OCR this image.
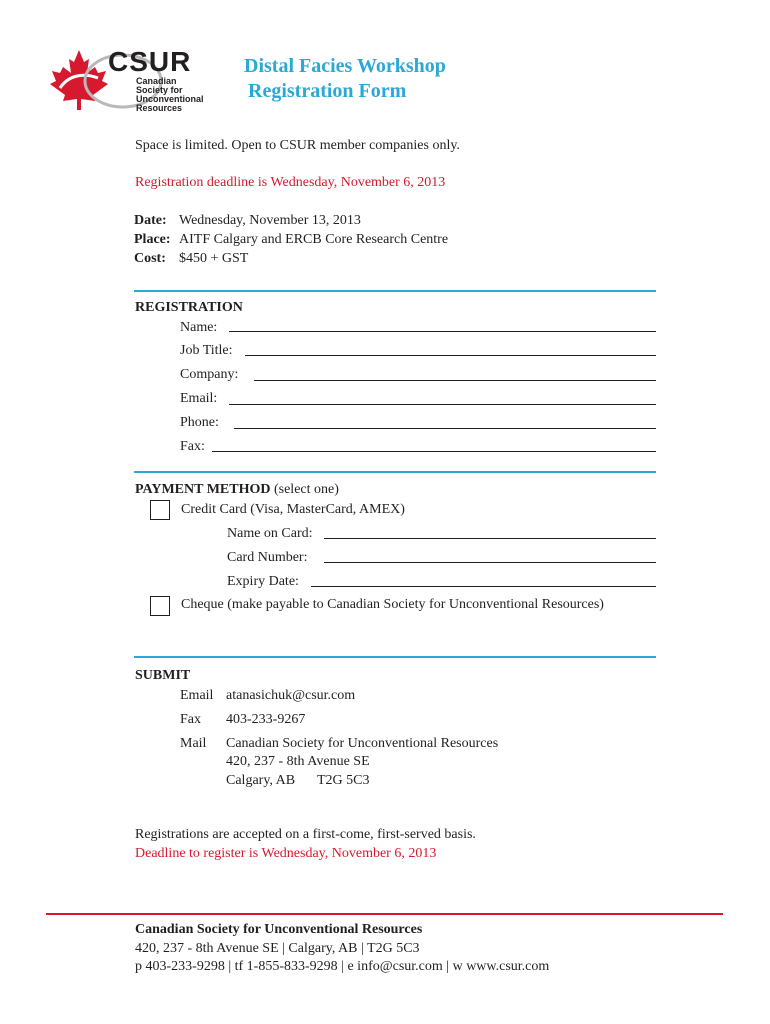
CSUR
Canadian
Society for
Unconventional
Resources
Distal Facies Workshop
Registration Form
Space is limited. Open to CSUR member companies only.
Registration deadline is Wednesday, November 6, 2013
Date: Wednesday, November 13, 2013
Place: AITF Calgary and ERCB Core Research Centre
Cost: $450 + GST
REGISTRATION
Name:
Job Title:
Company:
Email:
Phone:
Fax:
PAYMENT METHOD (select one)
Credit Card (Visa, MasterCard, AMEX)
Name on Card:
Card Number:
Expiry Date:
Cheque (make payable to Canadian Society for Unconventional Resources)
SUBMIT
Email atanasichuk@csur.com
Fax 403-233-9267
Mail Canadian Society for Unconventional Resources
420, 237 - 8th Avenue SE
Calgary, AB T2G 5C3
Registrations are accepted on a first-come, first-served basis.
Deadline to register is Wednesday, November 6, 2013
Canadian Society for Unconventional Resources
420, 237 - 8th Avenue SE | Calgary, AB | T2G 5C3
p 403-233-9298 | tf 1-855-833-9298 | e info@csur.com | w www.csur.com
